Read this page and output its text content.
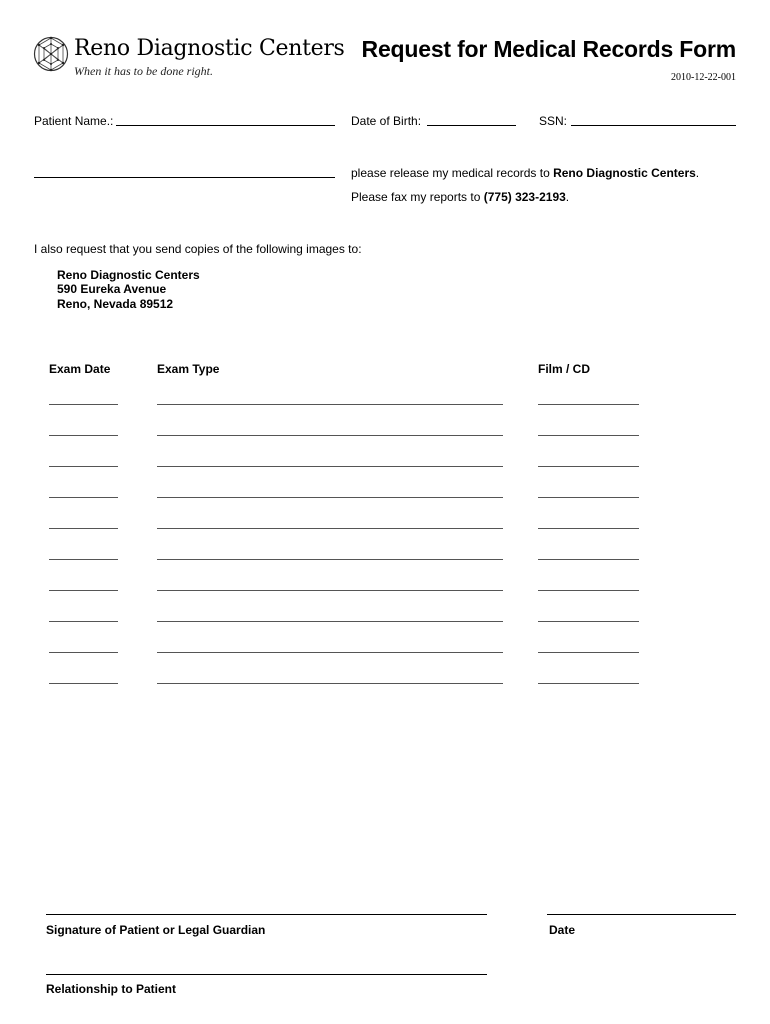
Reno Diagnostic Centers
When it has to be done right.
Request for Medical Records Form
2010-12-22-001
Patient Name.:	Date of Birth:	SSN:
please release my medical records to Reno Diagnostic Centers.
Please fax my reports to (775) 323-2193.
I also request that you send copies of the following images to:
Reno Diagnostic Centers
590 Eureka Avenue
Reno, Nevada 89512
Exam Date	Exam Type	Film / CD
Signature of Patient or Legal Guardian	Date
Relationship to Patient
